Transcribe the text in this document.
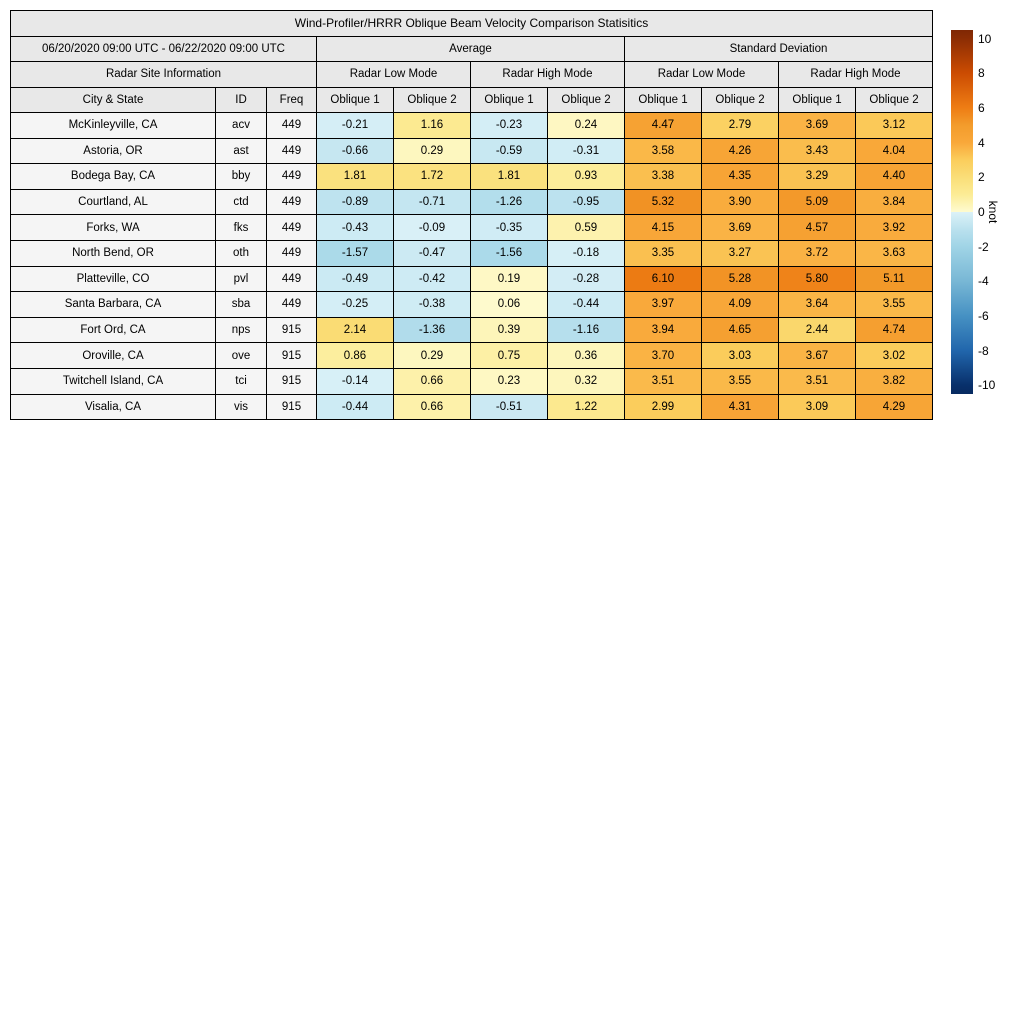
Wind-Profiler/HRRR Oblique Beam Velocity Comparison Statisitics										
06/20/2020 09:00 UTC - 06/22/2020 09:00 UTC			Average				Standard Deviation			
Radar Site Information			Radar Low Mode		Radar High Mode		Radar Low Mode		Radar High Mode	
City & State	ID	Freq	Oblique 1	Oblique 2	Oblique 1	Oblique 2	Oblique 1	Oblique 2	Oblique 1	Oblique 2
McKinleyville, CA	acv	449	-0.21	1.16	-0.23	0.24	4.47	2.79	3.69	3.12
Astoria, OR	ast	449	-0.66	0.29	-0.59	-0.31	3.58	4.26	3.43	4.04
Bodega Bay, CA	bby	449	1.81	1.72	1.81	0.93	3.38	4.35	3.29	4.40
Courtland, AL	ctd	449	-0.89	-0.71	-1.26	-0.95	5.32	3.90	5.09	3.84
Forks, WA	fks	449	-0.43	-0.09	-0.35	0.59	4.15	3.69	4.57	3.92
North Bend, OR	oth	449	-1.57	-0.47	-1.56	-0.18	3.35	3.27	3.72	3.63
Platteville, CO	pvl	449	-0.49	-0.42	0.19	-0.28	6.10	5.28	5.80	5.11
Santa Barbara, CA	sba	449	-0.25	-0.38	0.06	-0.44	3.97	4.09	3.64	3.55
Fort Ord, CA	nps	915	2.14	-1.36	0.39	-1.16	3.94	4.65	2.44	4.74
Oroville, CA	ove	915	0.86	0.29	0.75	0.36	3.70	3.03	3.67	3.02
Twitchell Island, CA	tci	915	-0.14	0.66	0.23	0.32	3.51	3.55	3.51	3.82
Visalia, CA	vis	915	-0.44	0.66	-0.51	1.22	2.99	4.31	3.09	4.29
10
8
6
4
2
0
-2
-4
-6
-8
-10
knot
